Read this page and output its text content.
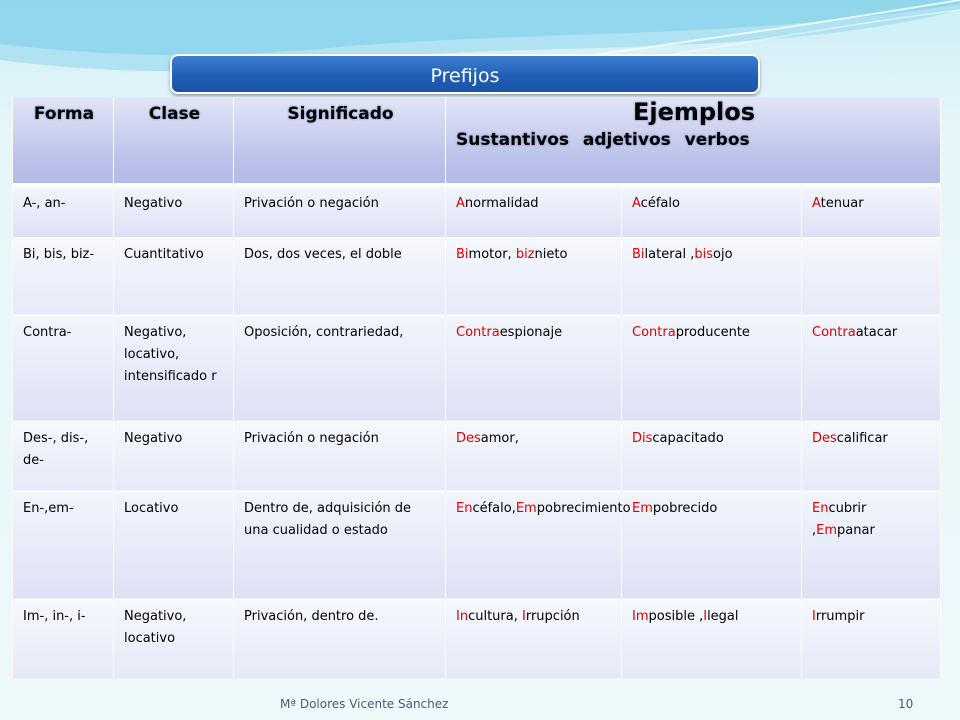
Prefijos
Forma	Clase	Significado	Ejemplos
Sustantivos adjetivos verbos		

A-, an-	Negativo	Privación o negación	Anormalidad	Acéfalo	Atenuar
Bi, bis, biz-	Cuantitativo	Dos, dos veces, el doble	Bimotor, biznieto	Bilateral ,bisojo	
Contra-	Negativo, locativo, intensificado r	Oposición, contrariedad,	Contraespionaje	Contraproducente	Contraatacar
Des-, dis-, de-	Negativo	Privación o negación	Desamor,	Discapacitado	Descalificar
En-,em-	Locativo	Dentro de, adquisición de una cualidad o estado	Encéfalo,Empobrecimiento	Empobrecido	Encubrir ,Empanar
Im-, in-, i-	Negativo, locativo	Privación, dentro de.	Incultura, Irrupción	Imposible ,Ilegal	Irrumpir
Mª Dolores Vicente Sánchez	10
